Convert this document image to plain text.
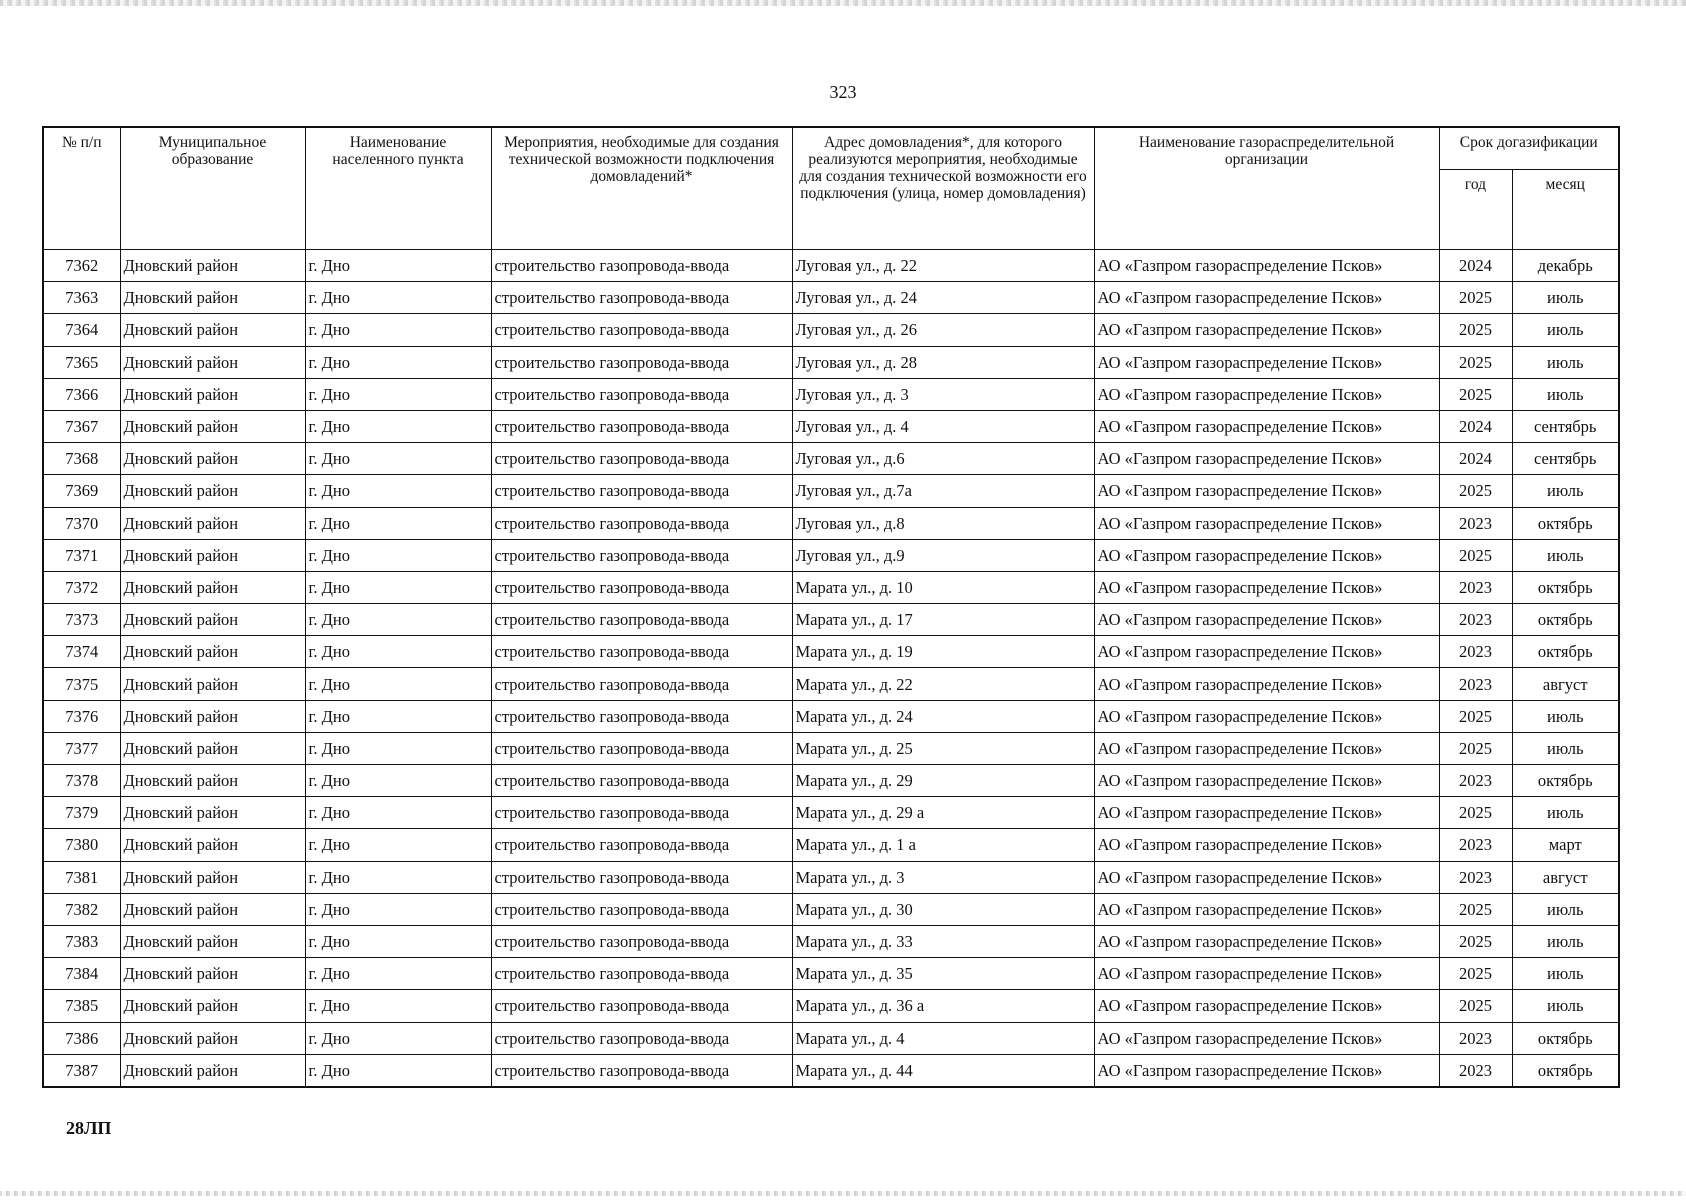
323
№ п/п	Муниципальное образование	Наименование населенного пункта	Мероприятия, необходимые для создания технической возможности подключения домовладений*	Адрес домовладения*, для которого реализуются мероприятия, необходимые для создания технической возможности его подключения (улица, номер домовладения)	Наименование газораспределительной организации	Срок догазификации	
						год	месяц
7362	Дновский район	г. Дно	строительство газопровода-ввода	Луговая ул., д. 22	АО «Газпром газораспределение Псков»	2024	декабрь
7363	Дновский район	г. Дно	строительство газопровода-ввода	Луговая ул., д. 24	АО «Газпром газораспределение Псков»	2025	июль
7364	Дновский район	г. Дно	строительство газопровода-ввода	Луговая ул., д. 26	АО «Газпром газораспределение Псков»	2025	июль
7365	Дновский район	г. Дно	строительство газопровода-ввода	Луговая ул., д. 28	АО «Газпром газораспределение Псков»	2025	июль
7366	Дновский район	г. Дно	строительство газопровода-ввода	Луговая ул., д. 3	АО «Газпром газораспределение Псков»	2025	июль
7367	Дновский район	г. Дно	строительство газопровода-ввода	Луговая ул., д. 4	АО «Газпром газораспределение Псков»	2024	сентябрь
7368	Дновский район	г. Дно	строительство газопровода-ввода	Луговая ул., д.6	АО «Газпром газораспределение Псков»	2024	сентябрь
7369	Дновский район	г. Дно	строительство газопровода-ввода	Луговая ул., д.7а	АО «Газпром газораспределение Псков»	2025	июль
7370	Дновский район	г. Дно	строительство газопровода-ввода	Луговая ул., д.8	АО «Газпром газораспределение Псков»	2023	октябрь
7371	Дновский район	г. Дно	строительство газопровода-ввода	Луговая ул., д.9	АО «Газпром газораспределение Псков»	2025	июль
7372	Дновский район	г. Дно	строительство газопровода-ввода	Марата ул., д. 10	АО «Газпром газораспределение Псков»	2023	октябрь
7373	Дновский район	г. Дно	строительство газопровода-ввода	Марата ул., д. 17	АО «Газпром газораспределение Псков»	2023	октябрь
7374	Дновский район	г. Дно	строительство газопровода-ввода	Марата ул., д. 19	АО «Газпром газораспределение Псков»	2023	октябрь
7375	Дновский район	г. Дно	строительство газопровода-ввода	Марата ул., д. 22	АО «Газпром газораспределение Псков»	2023	август
7376	Дновский район	г. Дно	строительство газопровода-ввода	Марата ул., д. 24	АО «Газпром газораспределение Псков»	2025	июль
7377	Дновский район	г. Дно	строительство газопровода-ввода	Марата ул., д. 25	АО «Газпром газораспределение Псков»	2025	июль
7378	Дновский район	г. Дно	строительство газопровода-ввода	Марата ул., д. 29	АО «Газпром газораспределение Псков»	2023	октябрь
7379	Дновский район	г. Дно	строительство газопровода-ввода	Марата ул., д. 29 а	АО «Газпром газораспределение Псков»	2025	июль
7380	Дновский район	г. Дно	строительство газопровода-ввода	Марата ул., д. 1 а	АО «Газпром газораспределение Псков»	2023	март
7381	Дновский район	г. Дно	строительство газопровода-ввода	Марата ул., д. 3	АО «Газпром газораспределение Псков»	2023	август
7382	Дновский район	г. Дно	строительство газопровода-ввода	Марата ул., д. 30	АО «Газпром газораспределение Псков»	2025	июль
7383	Дновский район	г. Дно	строительство газопровода-ввода	Марата ул., д. 33	АО «Газпром газораспределение Псков»	2025	июль
7384	Дновский район	г. Дно	строительство газопровода-ввода	Марата ул., д. 35	АО «Газпром газораспределение Псков»	2025	июль
7385	Дновский район	г. Дно	строительство газопровода-ввода	Марата ул., д. 36 а	АО «Газпром газораспределение Псков»	2025	июль
7386	Дновский район	г. Дно	строительство газопровода-ввода	Марата ул., д. 4	АО «Газпром газораспределение Псков»	2023	октябрь
7387	Дновский район	г. Дно	строительство газопровода-ввода	Марата ул., д. 44	АО «Газпром газораспределение Псков»	2023	октябрь
28ЛП
